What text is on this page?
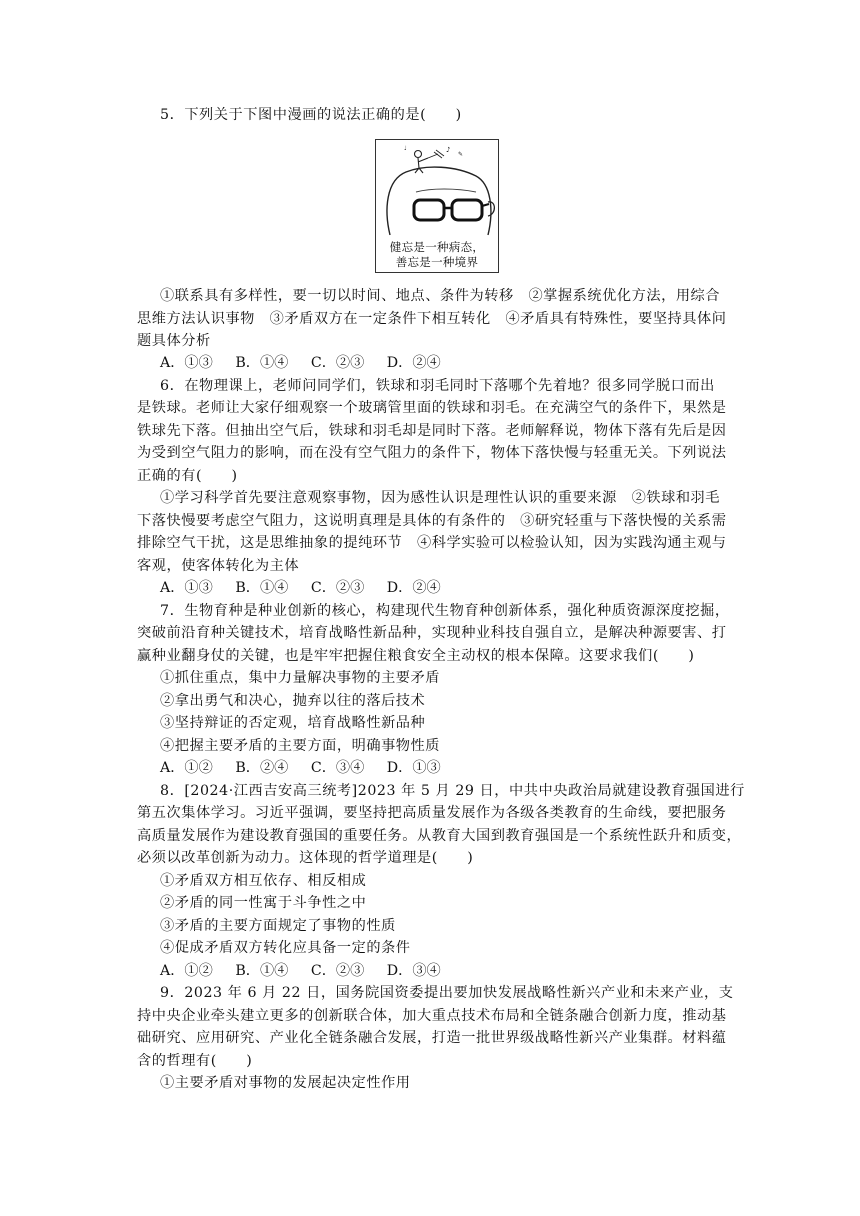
5．下列关于下图中漫画的说法正确的是(　　)
♪
✎
♩
健忘是一种病态，
善忘是一种境界
①联系具有多样性，要一切以时间、地点、条件为转移　②掌握系统优化方法，用综合
思维方法认识事物　③矛盾双方在一定条件下相互转化　④矛盾具有特殊性，要坚持具体问
题具体分析
A．①③ B．①④ C．②③ D．②④
6．在物理课上，老师问同学们，铁球和羽毛同时下落哪个先着地？很多同学脱口而出
是铁球。老师让大家仔细观察一个玻璃管里面的铁球和羽毛。在充满空气的条件下，果然是
铁球先下落。但抽出空气后，铁球和羽毛却是同时下落。老师解释说，物体下落有先后是因
为受到空气阻力的影响，而在没有空气阻力的条件下，物体下落快慢与轻重无关。下列说法
正确的有(　　)
①学习科学首先要注意观察事物，因为感性认识是理性认识的重要来源　②铁球和羽毛
下落快慢要考虑空气阻力，这说明真理是具体的有条件的　③研究轻重与下落快慢的关系需
排除空气干扰，这是思维抽象的提纯环节　④科学实验可以检验认知，因为实践沟通主观与
客观，使客体转化为主体
A．①③ B．①④ C．②③ D．②④
7．生物育种是种业创新的核心，构建现代生物育种创新体系，强化种质资源深度挖掘，
突破前沿育种关键技术，培育战略性新品种，实现种业科技自强自立，是解决种源要害、打
赢种业翻身仗的关键，也是牢牢把握住粮食安全主动权的根本保障。这要求我们(　　)
①抓住重点，集中力量解决事物的主要矛盾
②拿出勇气和决心，抛弃以往的落后技术
③坚持辩证的否定观，培育战略性新品种
④把握主要矛盾的主要方面，明确事物性质
A．①② B．②④ C．③④ D．①③
8．[2024·江西吉安高三统考]2023 年 5 月 29 日，中共中央政治局就建设教育强国进行
第五次集体学习。习近平强调，要坚持把高质量发展作为各级各类教育的生命线，要把服务
高质量发展作为建设教育强国的重要任务。从教育大国到教育强国是一个系统性跃升和质变，
必须以改革创新为动力。这体现的哲学道理是(　　)
①矛盾双方相互依存、相反相成
②矛盾的同一性寓于斗争性之中
③矛盾的主要方面规定了事物的性质
④促成矛盾双方转化应具备一定的条件
A．①② B．①④ C．②③ D．③④
9．2023 年 6 月 22 日，国务院国资委提出要加快发展战略性新兴产业和未来产业，支
持中央企业牵头建立更多的创新联合体，加大重点技术布局和全链条融合创新力度，推动基
础研究、应用研究、产业化全链条融合发展，打造一批世界级战略性新兴产业集群。材料蕴
含的哲理有(　　)
①主要矛盾对事物的发展起决定性作用
